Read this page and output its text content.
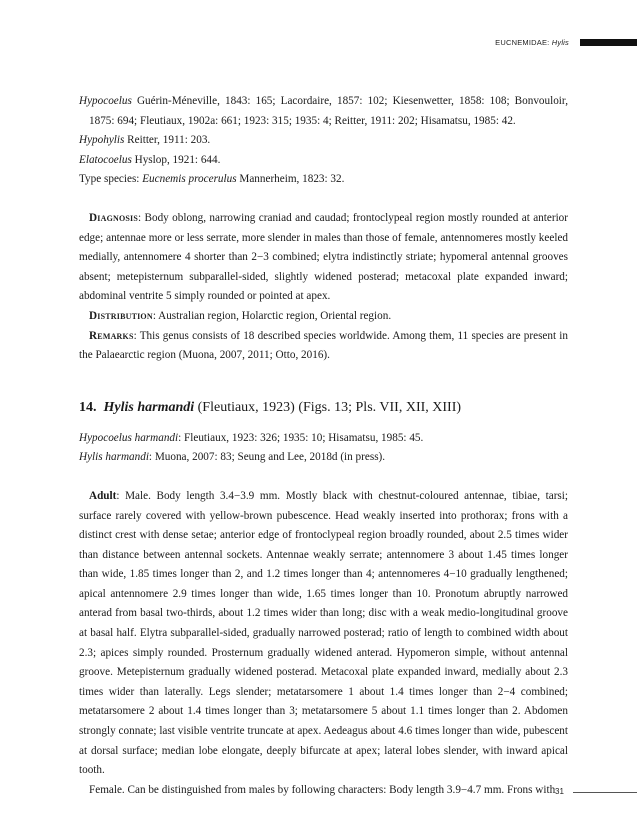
EUCNEMIDAE: Hylis

Hypocoelus Guérin-Méneville, 1843: 165; Lacordaire, 1857: 102; Kiesenwetter, 1858: 108; Bonvouloir, 1875: 694; Fleutiaux, 1902a: 661; 1923: 315; 1935: 4; Reitter, 1911: 202; Hisamatsu, 1985: 42.

Hypohylis Reitter, 1911: 203.

Elatocoelus Hyslop, 1921: 644.

Type species: Eucnemis procerulus Mannerheim, 1823: 32.

Diagnosis: Body oblong, narrowing craniad and caudad; frontoclypeal region mostly rounded at anterior edge; antennae more or less serrate, more slender in males than those of female, antennomeres mostly keeled medially, antennomere 4 shorter than 2−3 combined; elytra indistinctly striate; hypomeral antennal grooves absent; metepisternum subparallel-sided, slightly widened posterad; metacoxal plate expanded inward; abdominal ventrite 5 simply rounded or pointed at apex.

Distribution: Australian region, Holarctic region, Oriental region.

Remarks: This genus consists of 18 described species worldwide. Among them, 11 species are present in the Palaearctic region (Muona, 2007, 2011; Otto, 2016).

14. Hylis harmandi (Fleutiaux, 1923) (Figs. 13; Pls. VII, XII, XIII)

Hypocoelus harmandi: Fleutiaux, 1923: 326; 1935: 10; Hisamatsu, 1985: 45.

Hylis harmandi: Muona, 2007: 83; Seung and Lee, 2018d (in press).

Adult: Male. Body length 3.4−3.9 mm. Mostly black with chestnut-coloured antennae, tibiae, tarsi; surface rarely covered with yellow-brown pubescence. Head weakly inserted into prothorax; frons with a distinct crest with dense setae; anterior edge of frontoclypeal region broadly rounded, about 2.5 times wider than distance between antennal sockets. Antennae weakly serrate; antennomere 3 about 1.45 times longer than wide, 1.85 times longer than 2, and 1.2 times longer than 4; antennomeres 4−10 gradually lengthened; apical antennomere 2.9 times longer than wide, 1.65 times longer than 10. Pronotum abruptly narrowed anterad from basal two-thirds, about 1.2 times wider than long; disc with a weak medio-longitudinal groove at basal half. Elytra subparallel-sided, gradually narrowed posterad; ratio of length to combined width about 2.3; apices simply rounded. Prosternum gradually widened anterad. Hypomeron simple, without antennal groove. Metepisternum gradually widened posterad. Metacoxal plate expanded inward, medially about 2.3 times wider than laterally. Legs slender; metatarsomere 1 about 1.4 times longer than 2−4 combined; metatarsomere 2 about 1.4 times longer than 3; metatarsomere 5 about 1.1 times longer than 2. Abdomen strongly connate; last visible ventrite truncate at apex. Aedeagus about 4.6 times longer than wide, pubescent at dorsal surface; median lobe elongate, deeply bifurcate at apex; lateral lobes slender, with inward apical tooth.

Female. Can be distinguished from males by following characters: Body length 3.9−4.7 mm. Frons with 31
